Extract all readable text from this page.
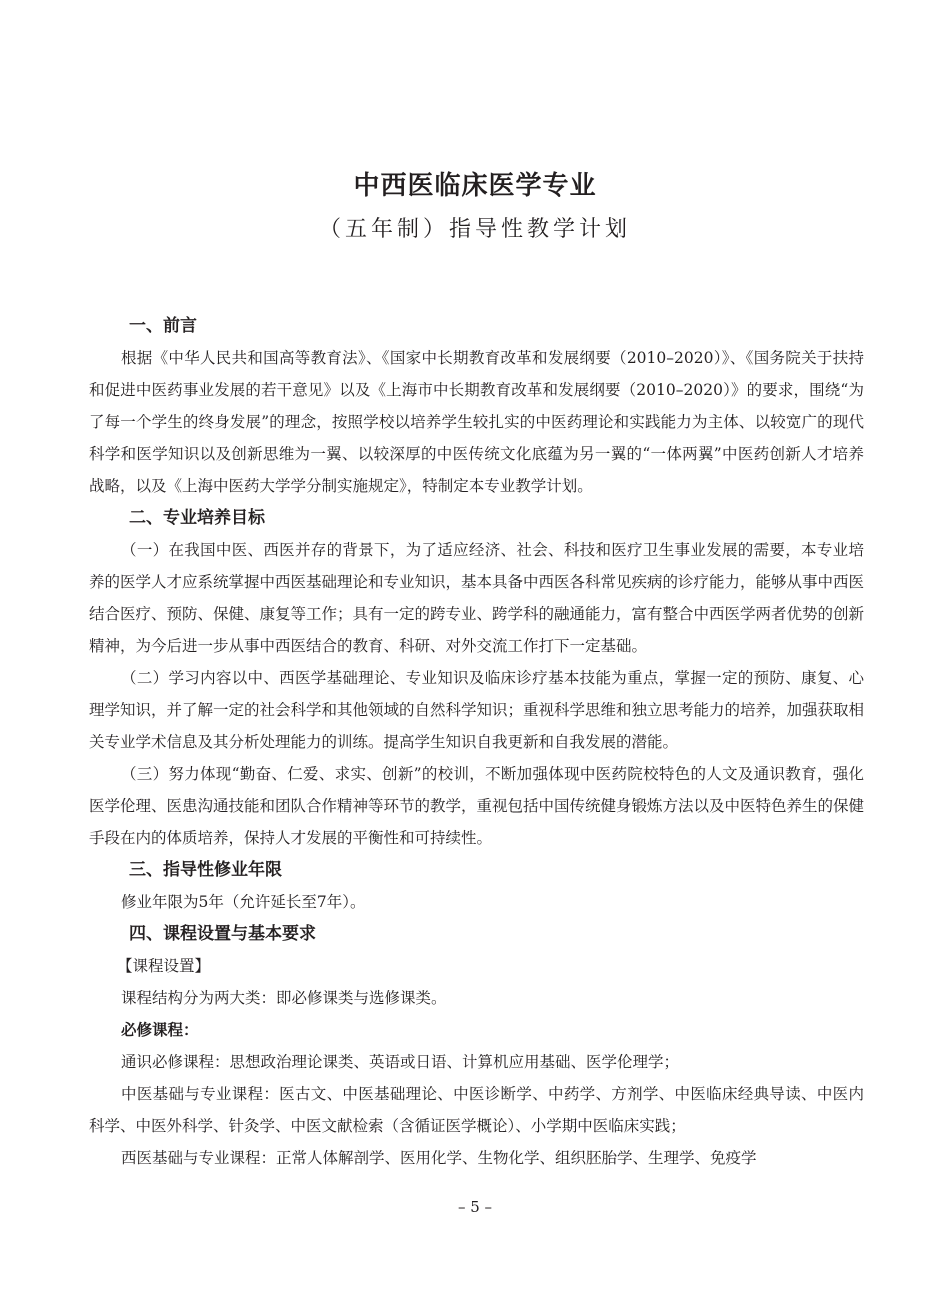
中西医临床医学专业
（五年制）指导性教学计划
一、前言
根据《中华人民共和国高等教育法》、《国家中长期教育改革和发展纲要（2010–2020）》、《国务院关于扶持和促进中医药事业发展的若干意见》以及《上海市中长期教育改革和发展纲要（2010–2020）》的要求，围绕“为了每一个学生的终身发展”的理念，按照学校以培养学生较扎实的中医药理论和实践能力为主体、以较宽广的现代科学和医学知识以及创新思维为一翼、以较深厚的中医传统文化底蕴为另一翼的“一体两翼”中医药创新人才培养战略，以及《上海中医药大学学分制实施规定》，特制定本专业教学计划。
二、专业培养目标
（一）在我国中医、西医并存的背景下，为了适应经济、社会、科技和医疗卫生事业发展的需要，本专业培养的医学人才应系统掌握中西医基础理论和专业知识，基本具备中西医各科常见疾病的诊疗能力，能够从事中西医结合医疗、预防、保健、康复等工作；具有一定的跨专业、跨学科的融通能力，富有整合中西医学两者优势的创新精神，为今后进一步从事中西医结合的教育、科研、对外交流工作打下一定基础。
（二）学习内容以中、西医学基础理论、专业知识及临床诊疗基本技能为重点，掌握一定的预防、康复、心理学知识，并了解一定的社会科学和其他领域的自然科学知识；重视科学思维和独立思考能力的培养，加强获取相关专业学术信息及其分析处理能力的训练。提高学生知识自我更新和自我发展的潜能。
（三）努力体现“勤奋、仁爱、求实、创新”的校训，不断加强体现中医药院校特色的人文及通识教育，强化医学伦理、医患沟通技能和团队合作精神等环节的教学，重视包括中国传统健身锻炼方法以及中医特色养生的保健手段在内的体质培养，保持人才发展的平衡性和可持续性。
三、指导性修业年限
修业年限为5年（允许延长至7年）。
四、课程设置与基本要求
【课程设置】
课程结构分为两大类：即必修课类与选修课类。
必修课程：
通识必修课程：思想政治理论课类、英语或日语、计算机应用基础、医学伦理学；
中医基础与专业课程：医古文、中医基础理论、中医诊断学、中药学、方剂学、中医临床经典导读、中医内科学、中医外科学、针灸学、中医文献检索（含循证医学概论）、小学期中医临床实践；
西医基础与专业课程：正常人体解剖学、医用化学、生物化学、组织胚胎学、生理学、免疫学
– 5 –
